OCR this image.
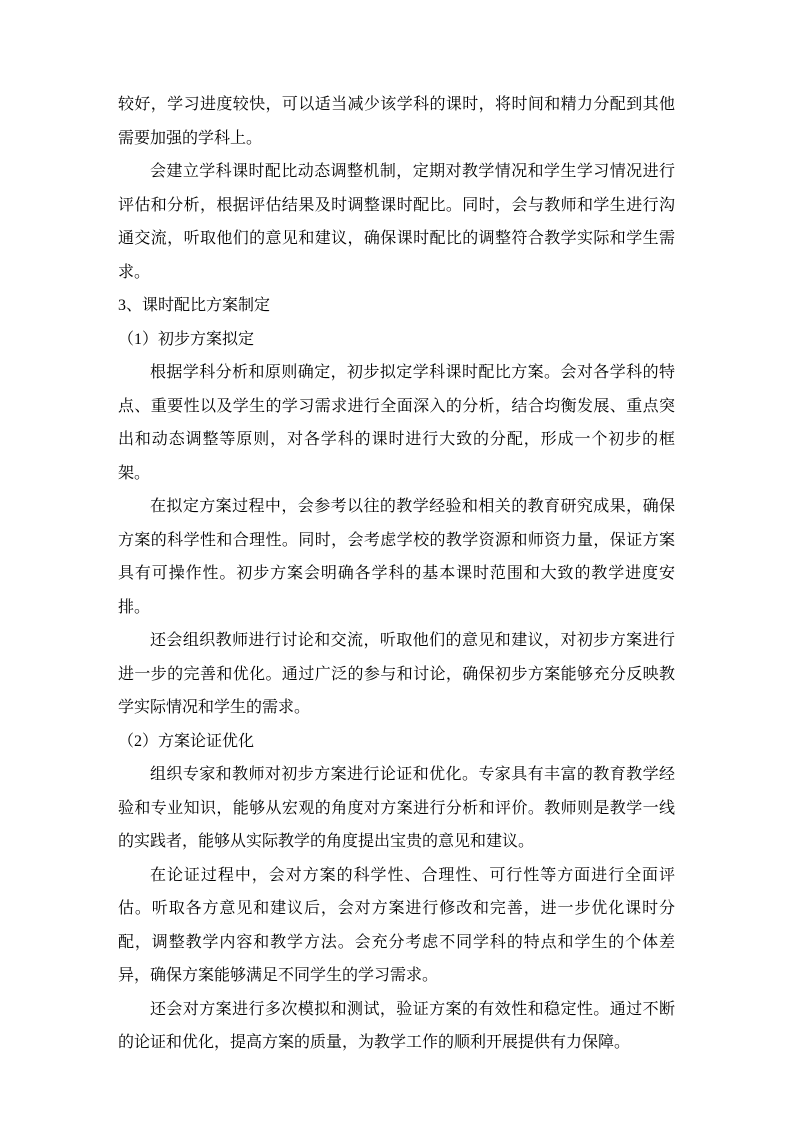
较好，学习进度较快，可以适当减少该学科的课时，将时间和精力分配到其他需要加强的学科上。

会建立学科课时配比动态调整机制，定期对教学情况和学生学习情况进行评估和分析，根据评估结果及时调整课时配比。同时，会与教师和学生进行沟通交流，听取他们的意见和建议，确保课时配比的调整符合教学实际和学生需求。

3、课时配比方案制定

（1）初步方案拟定

根据学科分析和原则确定，初步拟定学科课时配比方案。会对各学科的特点、重要性以及学生的学习需求进行全面深入的分析，结合均衡发展、重点突出和动态调整等原则，对各学科的课时进行大致的分配，形成一个初步的框架。

在拟定方案过程中，会参考以往的教学经验和相关的教育研究成果，确保方案的科学性和合理性。同时，会考虑学校的教学资源和师资力量，保证方案具有可操作性。初步方案会明确各学科的基本课时范围和大致的教学进度安排。

还会组织教师进行讨论和交流，听取他们的意见和建议，对初步方案进行进一步的完善和优化。通过广泛的参与和讨论，确保初步方案能够充分反映教学实际情况和学生的需求。

（2）方案论证优化

组织专家和教师对初步方案进行论证和优化。专家具有丰富的教育教学经验和专业知识，能够从宏观的角度对方案进行分析和评价。教师则是教学一线的实践者，能够从实际教学的角度提出宝贵的意见和建议。

在论证过程中，会对方案的科学性、合理性、可行性等方面进行全面评估。听取各方意见和建议后，会对方案进行修改和完善，进一步优化课时分配，调整教学内容和教学方法。会充分考虑不同学科的特点和学生的个体差异，确保方案能够满足不同学生的学习需求。

还会对方案进行多次模拟和测试，验证方案的有效性和稳定性。通过不断的论证和优化，提高方案的质量，为教学工作的顺利开展提供有力保障。
